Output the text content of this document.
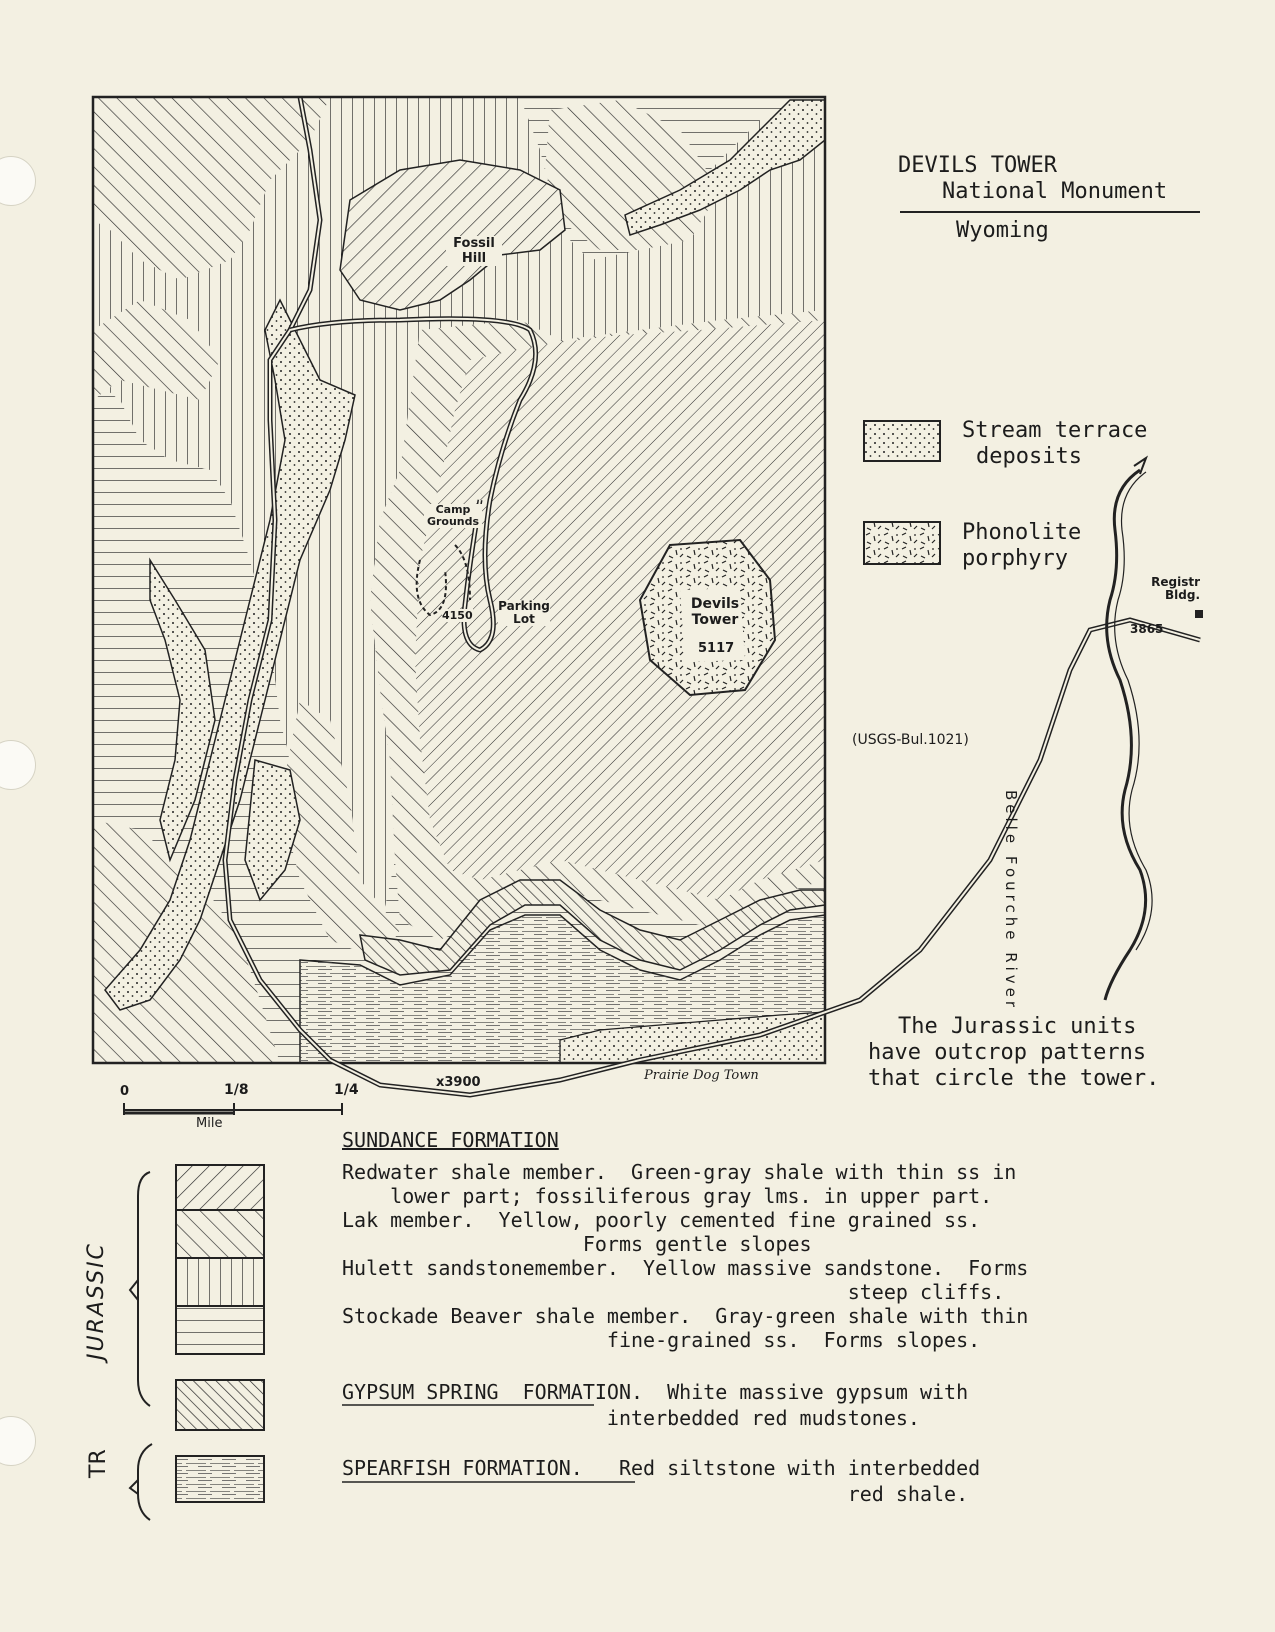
DEVILS TOWER
National Monument
Wyoming
Stream terrace
deposits
Phonolite
porphyry
Fossil Hill
Camp Grounds
4150
Parking Lot
Devils Tower
5117
x3900	Prairie Dog Town
Registr Bldg.
3865
Belle Fourche River
(USGS-Bul.1021)
The Jurassic units
have outcrop patterns
that circle the tower.
0	1/8	1/4
Mile
JURASSIC
TR
SUNDANCE FORMATION
Redwater shale member.  Green-gray shale with thin ss in
lower part; fossiliferous gray lms. in upper part.
Lak member.  Yellow, poorly cemented fine grained ss.
Forms gentle slopes
Hulett sandstonemember.  Yellow massive sandstone.  Forms
steep cliffs.
Stockade Beaver shale member.  Gray-green shale with thin
fine-grained ss.  Forms slopes.
GYPSUM SPRING  FORMATION.  White massive gypsum with
interbedded red mudstones.
SPEARFISH FORMATION.   Red siltstone with interbedded
red shale.
